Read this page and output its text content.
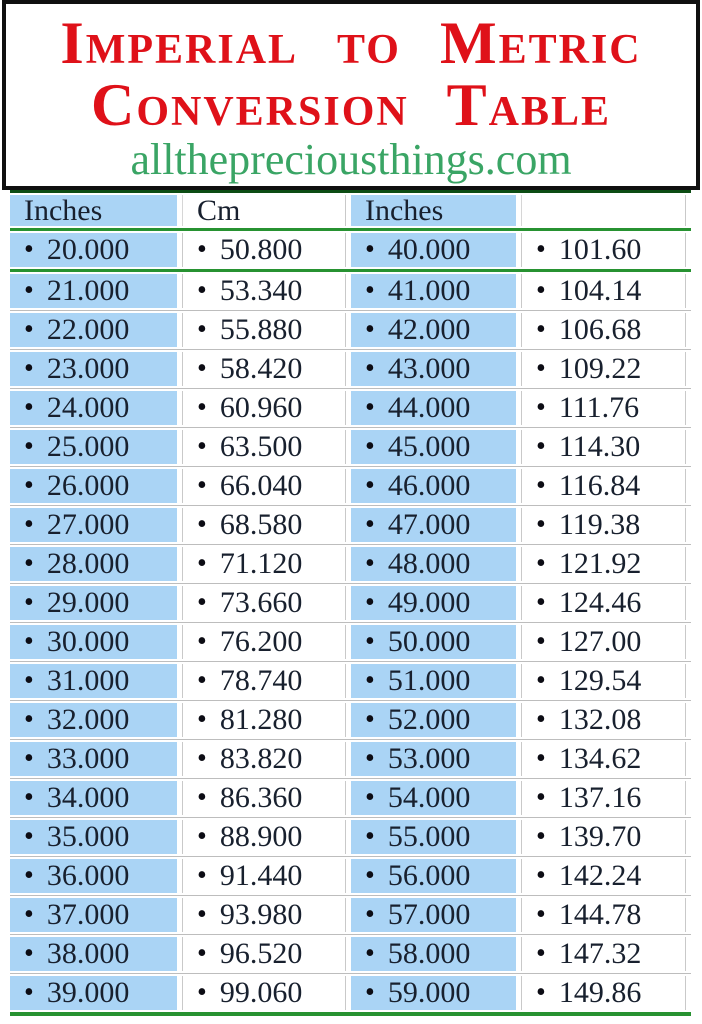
Imperial to Metric

Conversion Table

allthepreciousthings.com

Inches	Cm	Inches
• 20.000 • 50.800 • 40.000 • 101.60
• 21.000 • 53.340 • 41.000 • 104.14
• 22.000 • 55.880 • 42.000 • 106.68
• 23.000 • 58.420 • 43.000 • 109.22
• 24.000 • 60.960 • 44.000 • 111.76
• 25.000 • 63.500 • 45.000 • 114.30
• 26.000 • 66.040 • 46.000 • 116.84
• 27.000 • 68.580 • 47.000 • 119.38
• 28.000 • 71.120 • 48.000 • 121.92
• 29.000 • 73.660 • 49.000 • 124.46
• 30.000 • 76.200 • 50.000 • 127.00
• 31.000 • 78.740 • 51.000 • 129.54
• 32.000 • 81.280 • 52.000 • 132.08
• 33.000 • 83.820 • 53.000 • 134.62
• 34.000 • 86.360 • 54.000 • 137.16
• 35.000 • 88.900 • 55.000 • 139.70
• 36.000 • 91.440 • 56.000 • 142.24
• 37.000 • 93.980 • 57.000 • 144.78
• 38.000 • 96.520 • 58.000 • 147.32
• 39.000 • 99.060 • 59.000 • 149.86
